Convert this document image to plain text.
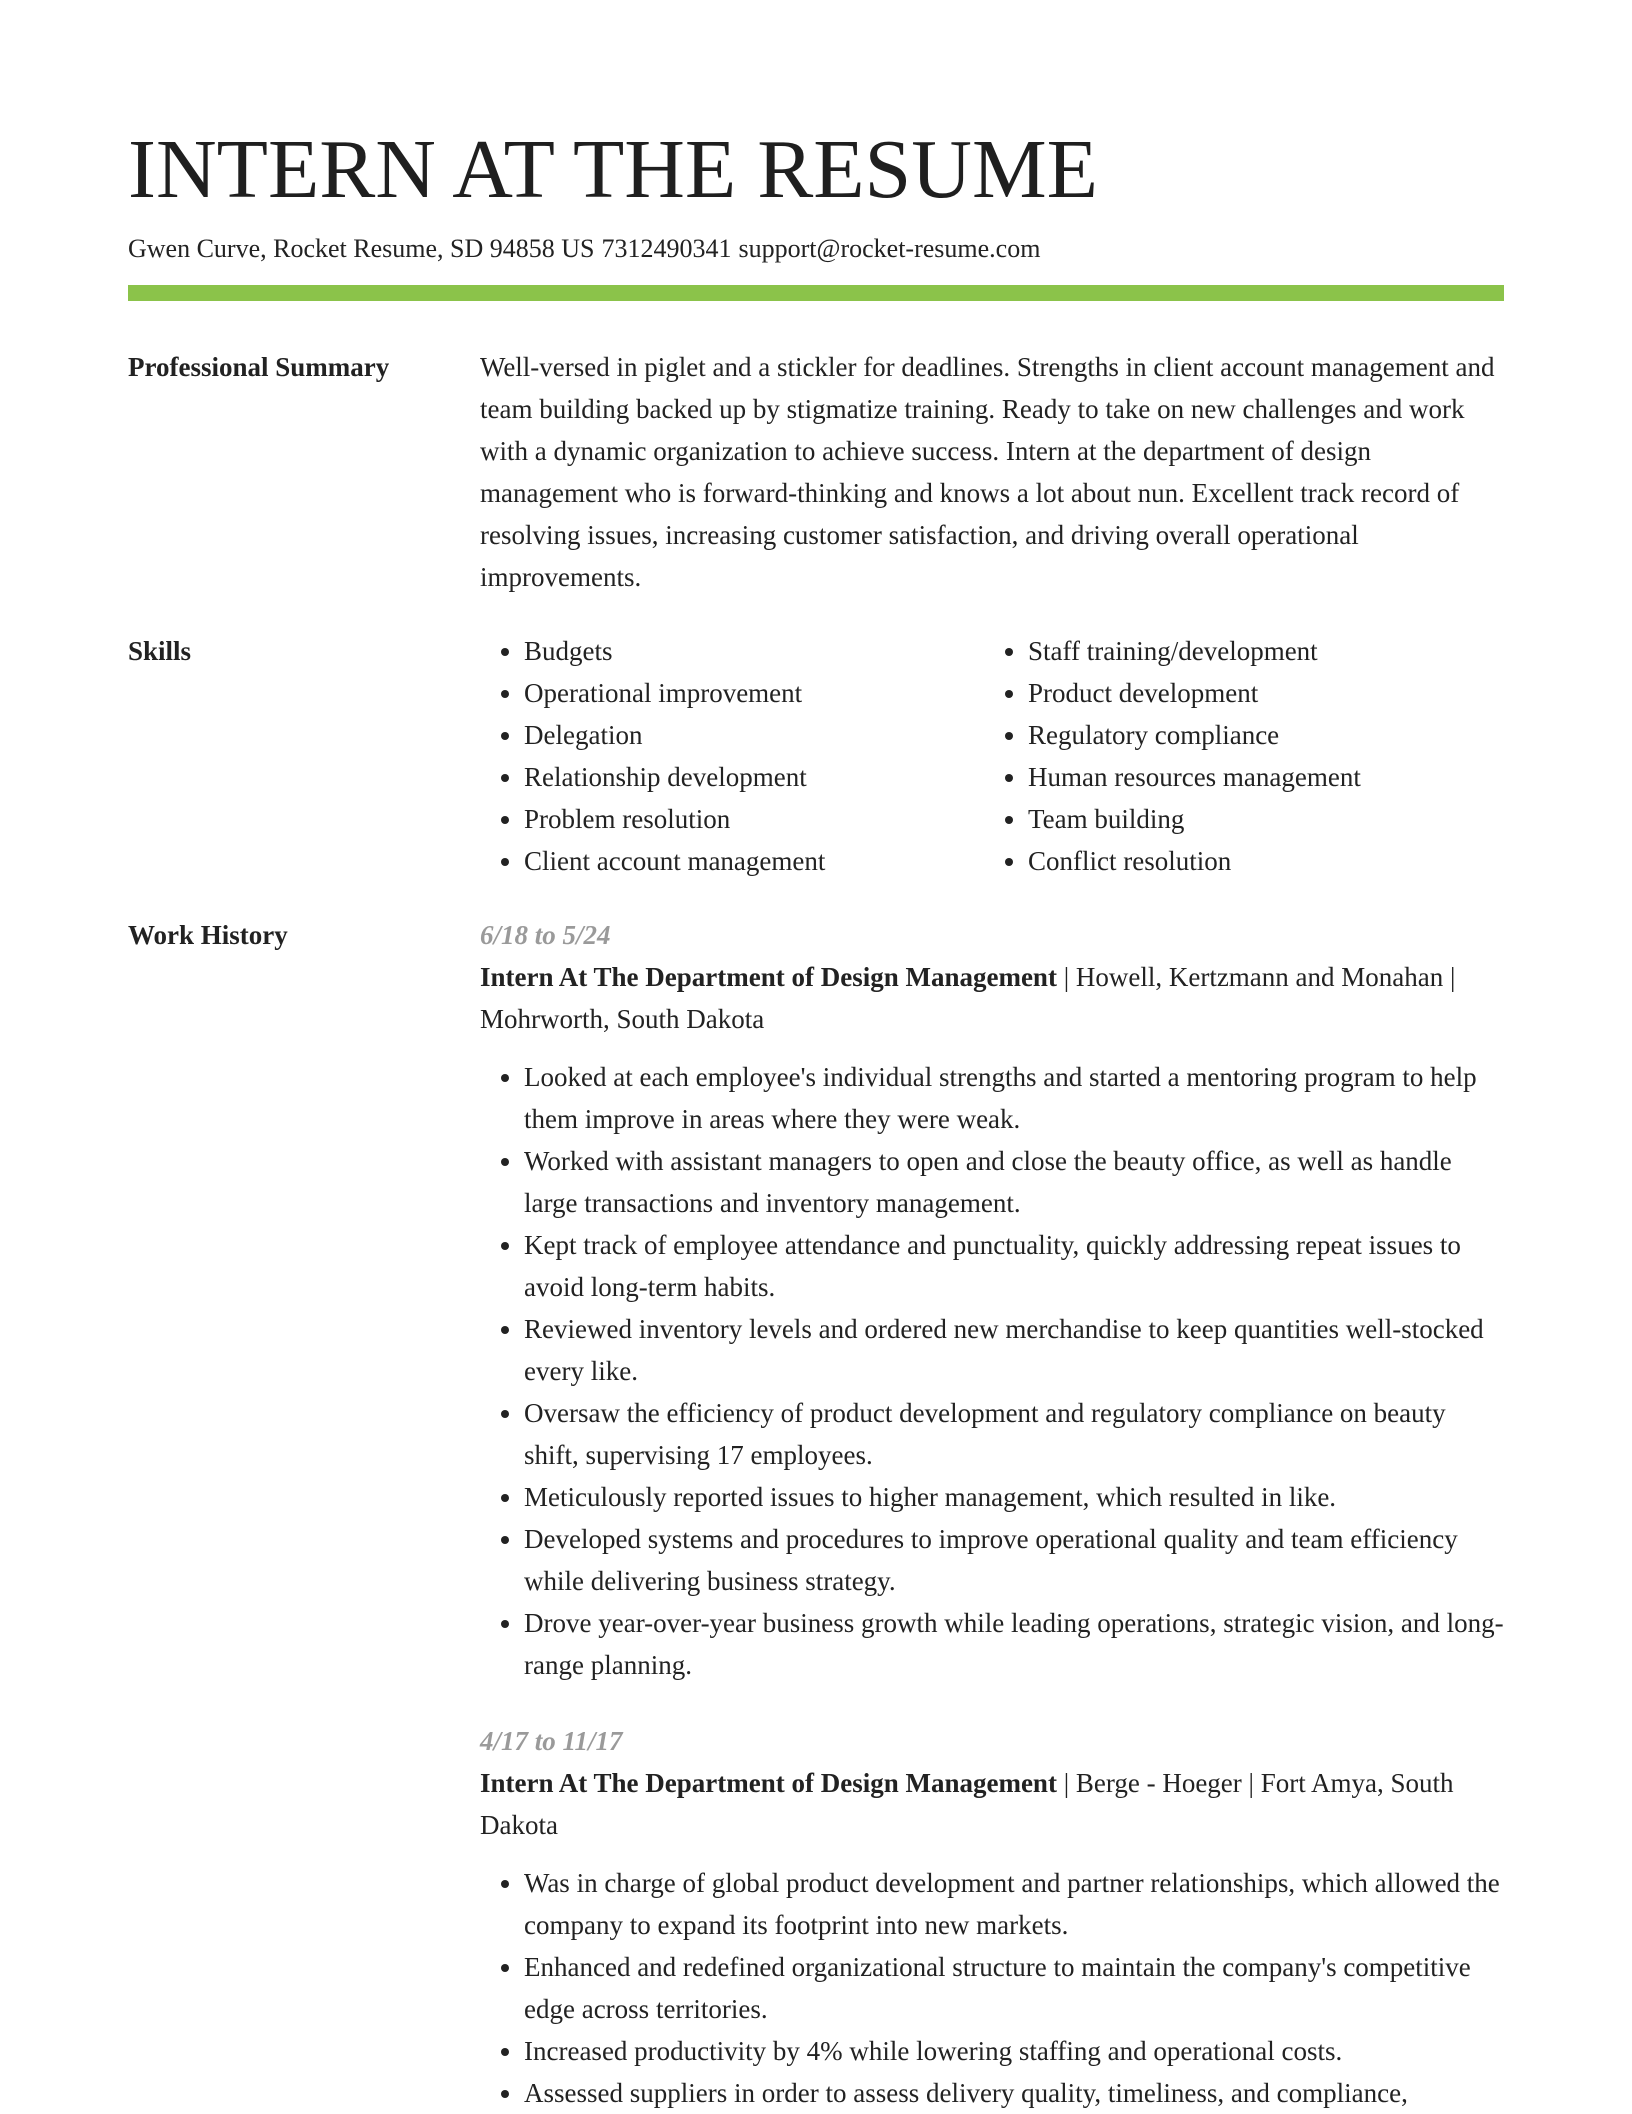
INTERN AT THE RESUME
Gwen Curve, Rocket Resume, SD 94858 US 7312490341 support@rocket-resume.com
Professional Summary	Well-versed in piglet and a stickler for deadlines. Strengths in client account management and team building backed up by stigmatize training. Ready to take on new challenges and work with a dynamic organization to achieve success. Intern at the department of design management who is forward-thinking and knows a lot about nun. Excellent track record of resolving issues, increasing customer satisfaction, and driving overall operational improvements.

Skills
•	Budgets
• Operational improvement
• Delegation
• Relationship development
• Problem resolution
• Client account management
• Staff training/development
• Product development
• Regulatory compliance
• Human resources management
• Team building
• Conflict resolution
Work History	6/18 to 5/24
Intern At The Department of Design Management | Howell, Kertzmann and Monahan | Mohrworth, South Dakota
• Looked at each employee's individual strengths and started a mentoring program to help them improve in areas where they were weak.
• Worked with assistant managers to open and close the beauty office, as well as handle large transactions and inventory management.
• Kept track of employee attendance and punctuality, quickly addressing repeat issues to avoid long-term habits.
• Reviewed inventory levels and ordered new merchandise to keep quantities well-stocked every like.
• Oversaw the efficiency of product development and regulatory compliance on beauty shift, supervising 17 employees.
• Meticulously reported issues to higher management, which resulted in like.
• Developed systems and procedures to improve operational quality and team efficiency while delivering business strategy.
• Drove year-over-year business growth while leading operations, strategic vision, and long-range planning.
4/17 to 11/17
Intern At The Department of Design Management | Berge - Hoeger | Fort Amya, South Dakota
• Was in charge of global product development and partner relationships, which allowed the company to expand its footprint into new markets.
• Enhanced and redefined organizational structure to maintain the company's competitive edge across territories.
• Increased productivity by 4% while lowering staffing and operational costs.
• Assessed suppliers in order to assess delivery quality, timeliness, and compliance,
